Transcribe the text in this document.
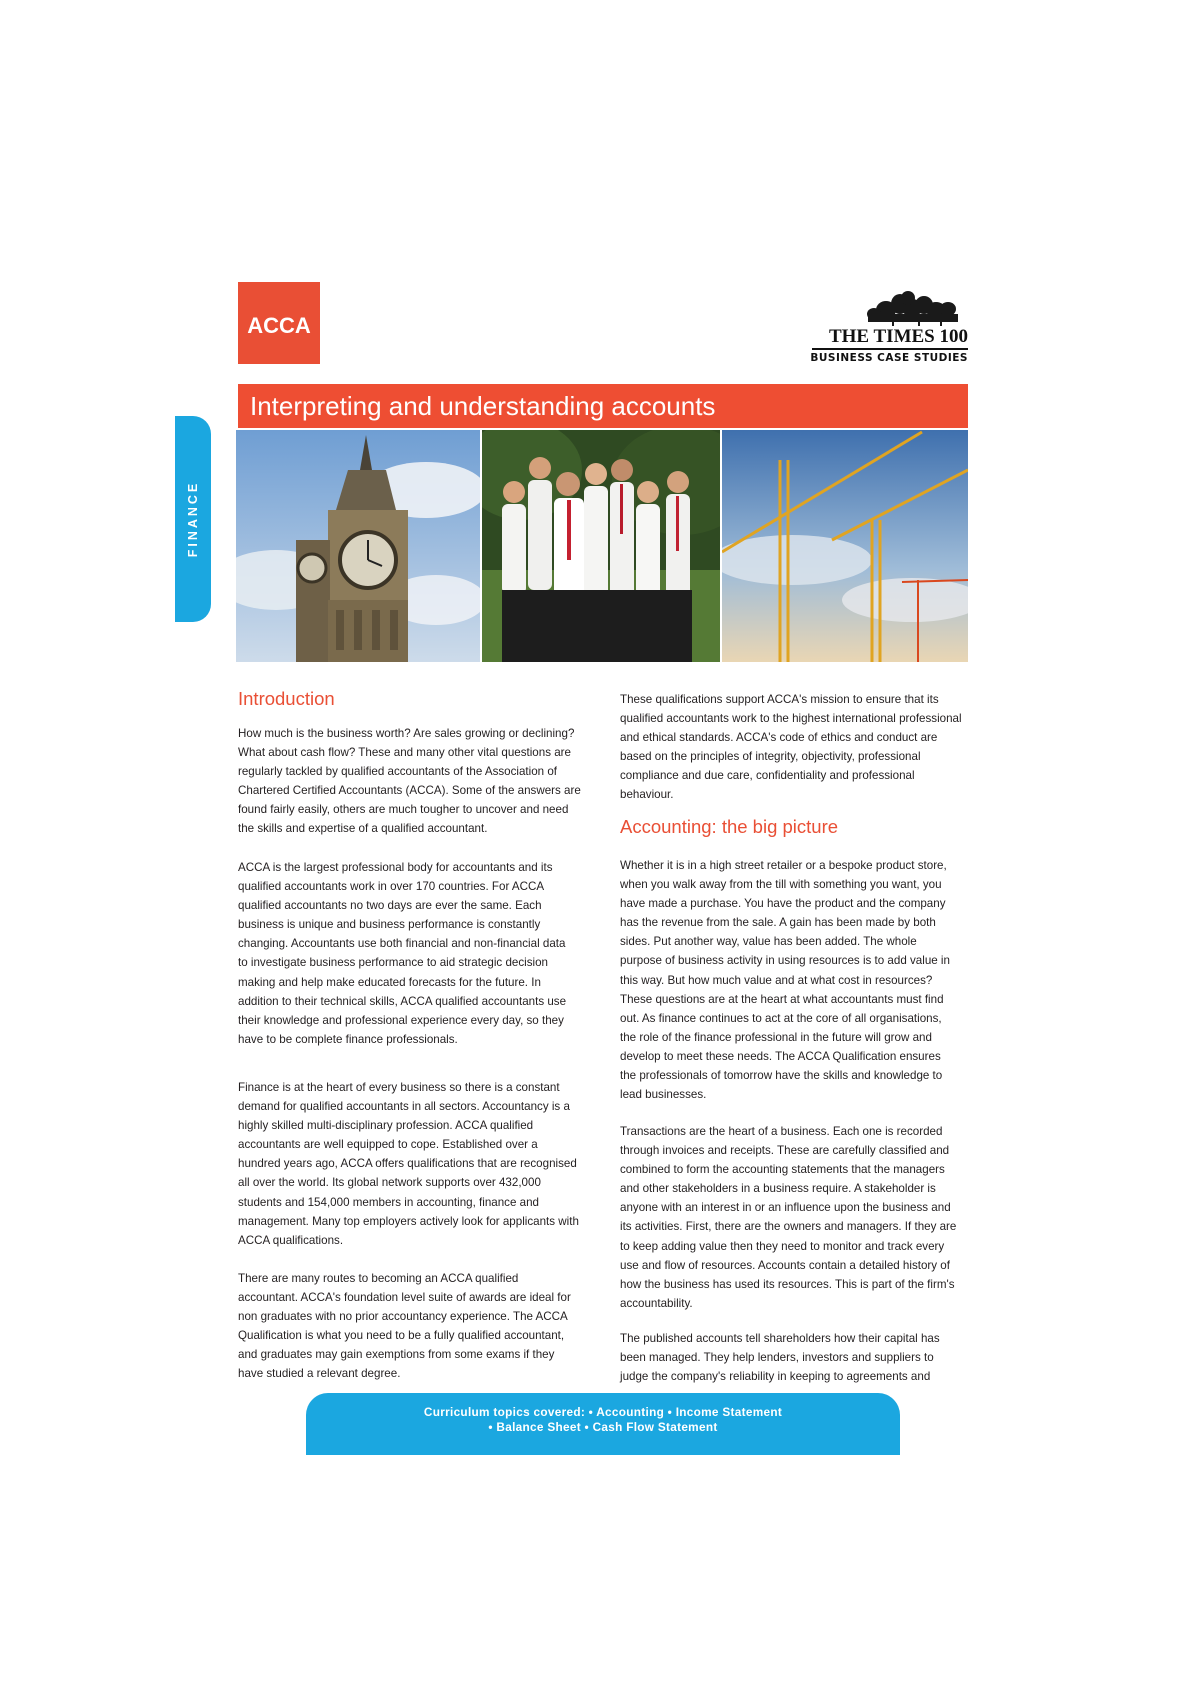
ACCA	THE TIMES 100
BUSINESS CASE STUDIES
FINANCE
Interpreting and understanding accounts
Introduction
How much is the business worth? Are sales growing or declining?
What about cash flow? These and many other vital questions are
regularly tackled by qualified accountants of the Association of
Chartered Certified Accountants (ACCA). Some of the answers are
found fairly easily, others are much tougher to uncover and need
the skills and expertise of a qualified accountant.
ACCA is the largest professional body for accountants and its
qualified accountants work in over 170 countries. For ACCA
qualified accountants no two days are ever the same. Each
business is unique and business performance is constantly
changing. Accountants use both financial and non-financial data
to investigate business performance to aid strategic decision
making and help make educated forecasts for the future. In
addition to their technical skills, ACCA qualified accountants use
their knowledge and professional experience every day, so they
have to be complete finance professionals.
Finance is at the heart of every business so there is a constant
demand for qualified accountants in all sectors. Accountancy is a
highly skilled multi-disciplinary profession. ACCA qualified
accountants are well equipped to cope. Established over a
hundred years ago, ACCA offers qualifications that are recognised
all over the world. Its global network supports over 432,000
students and 154,000 members in accounting, finance and
management. Many top employers actively look for applicants with
ACCA qualifications.
There are many routes to becoming an ACCA qualified
accountant. ACCA's foundation level suite of awards are ideal for
non graduates with no prior accountancy experience. The ACCA
Qualification is what you need to be a fully qualified accountant,
and graduates may gain exemptions from some exams if they
have studied a relevant degree.
These qualifications support ACCA's mission to ensure that its
qualified accountants work to the highest international professional
and ethical standards. ACCA's code of ethics and conduct are
based on the principles of integrity, objectivity, professional
compliance and due care, confidentiality and professional
behaviour.
Accounting: the big picture
Whether it is in a high street retailer or a bespoke product store,
when you walk away from the till with something you want, you
have made a purchase. You have the product and the company
has the revenue from the sale. A gain has been made by both
sides. Put another way, value has been added. The whole
purpose of business activity in using resources is to add value in
this way. But how much value and at what cost in resources?
These questions are at the heart at what accountants must find
out. As finance continues to act at the core of all organisations,
the role of the finance professional in the future will grow and
develop to meet these needs. The ACCA Qualification ensures
the professionals of tomorrow have the skills and knowledge to
lead businesses.
Transactions are the heart of a business. Each one is recorded
through invoices and receipts. These are carefully classified and
combined to form the accounting statements that the managers
and other stakeholders in a business require. A stakeholder is
anyone with an interest in or an influence upon the business and
its activities. First, there are the owners and managers. If they are
to keep adding value then they need to monitor and track every
use and flow of resources. Accounts contain a detailed history of
how the business has used its resources. This is part of the firm's
accountability.
The published accounts tell shareholders how their capital has
been managed. They help lenders, investors and suppliers to
judge the company's reliability in keeping to agreements and
Curriculum topics covered: • Accounting • Income Statement
• Balance Sheet • Cash Flow Statement
